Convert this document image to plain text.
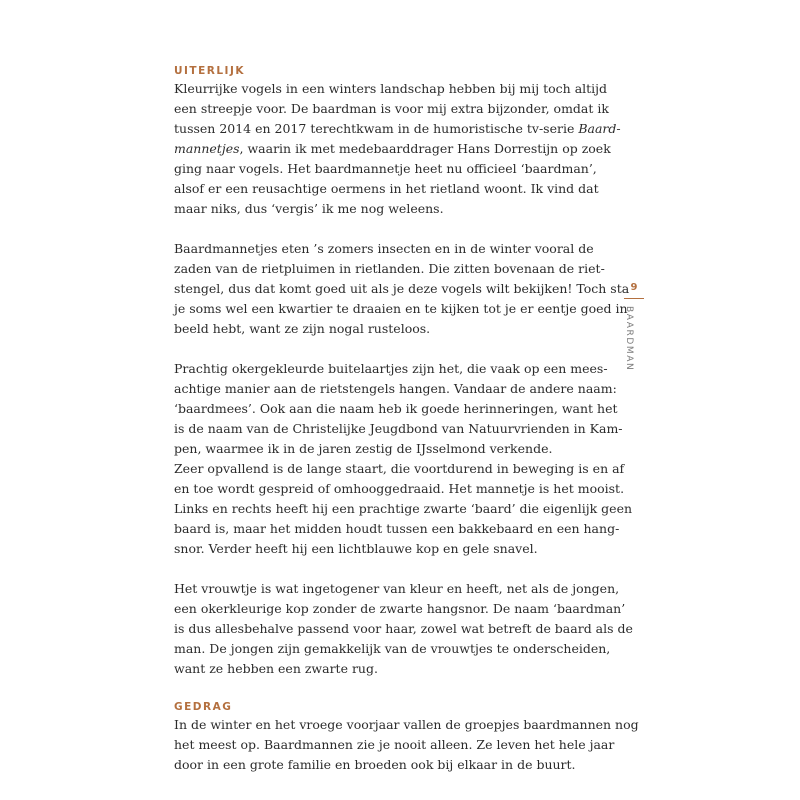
UITERLIJK
Kleurrijke vogels in een winters landschap hebben bij mij toch altijd
een streepje voor. De baardman is voor mij extra bijzonder, omdat ik
tussen 2014 en 2017 terechtkwam in de humoristische tv-serie Baard-
mannetjes, waarin ik met medebaarddrager Hans Dorrestijn op zoek
ging naar vogels. Het baardmannetje heet nu officieel ‘baardman’,
alsof er een reusachtige oermens in het rietland woont. Ik vind dat
maar niks, dus ‘vergis’ ik me nog weleens.
Baardmannetjes eten ’s zomers insecten en in de winter vooral de
zaden van de rietpluimen in rietlanden. Die zitten bovenaan de riet-
stengel, dus dat komt goed uit als je deze vogels wilt bekijken! Toch sta
je soms wel een kwartier te draaien en te kijken tot je er eentje goed in
beeld hebt, want ze zijn nogal rusteloos.
Prachtig okergekleurde buitelaartjes zijn het, die vaak op een mees-
achtige manier aan de rietstengels hangen. Vandaar de andere naam:
‘baardmees’. Ook aan die naam heb ik goede herinneringen, want het
is de naam van de Christelijke Jeugdbond van Natuurvrienden in Kam-
pen, waarmee ik in de jaren zestig de IJsselmond verkende.
Zeer opvallend is de lange staart, die voortdurend in beweging is en af
en toe wordt gespreid of omhooggedraaid. Het mannetje is het mooist.
Links en rechts heeft hij een prachtige zwarte ‘baard’ die eigenlijk geen
baard is, maar het midden houdt tussen een bakkebaard en een hang-
snor. Verder heeft hij een lichtblauwe kop en gele snavel.
Het vrouwtje is wat ingetogener van kleur en heeft, net als de jongen,
een okerkleurige kop zonder de zwarte hangsnor. De naam ‘baardman’
is dus allesbehalve passend voor haar, zowel wat betreft de baard als de
man. De jongen zijn gemakkelijk van de vrouwtjes te onderscheiden,
want ze hebben een zwarte rug.
GEDRAG
In de winter en het vroege voorjaar vallen de groepjes baardmannen nog
het meest op. Baardmannen zie je nooit alleen. Ze leven het hele jaar
door in een grote familie en broeden ook bij elkaar in de buurt.
9
BAARDMAN
